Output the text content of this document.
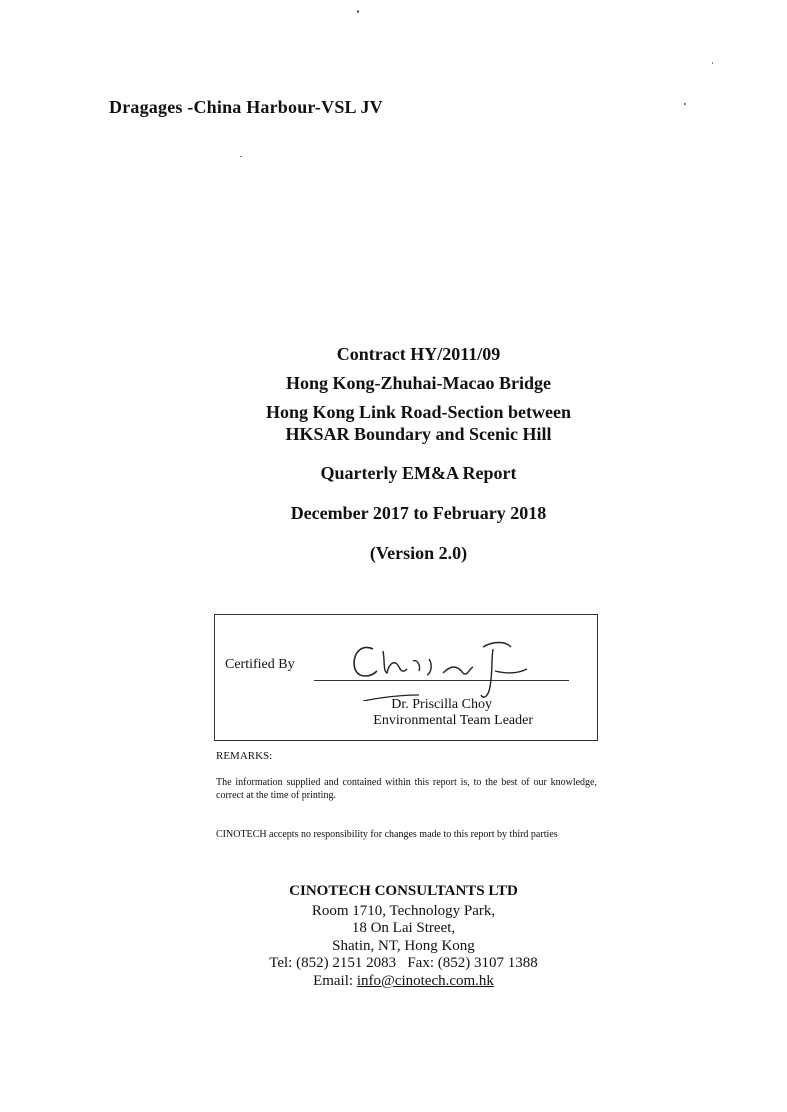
Dragages -China Harbour-VSL JV
Contract HY/2011/09
Hong Kong-Zhuhai-Macao Bridge
Hong Kong Link Road-Section between
HKSAR Boundary and Scenic Hill
Quarterly EM&A Report
December 2017 to February 2018
(Version 2.0)
Certified By
Dr. Priscilla Choy
Environmental Team Leader
REMARKS:
The information supplied and contained within this report is, to the best of our knowledge, correct at the time of printing.
CINOTECH accepts no responsibility for changes made to this report by third parties
CINOTECH CONSULTANTS LTD
Room 1710, Technology Park,
18 On Lai Street,
Shatin, NT, Hong Kong
Tel: (852) 2151 2083   Fax: (852) 3107 1388
Email: info@cinotech.com.hk
